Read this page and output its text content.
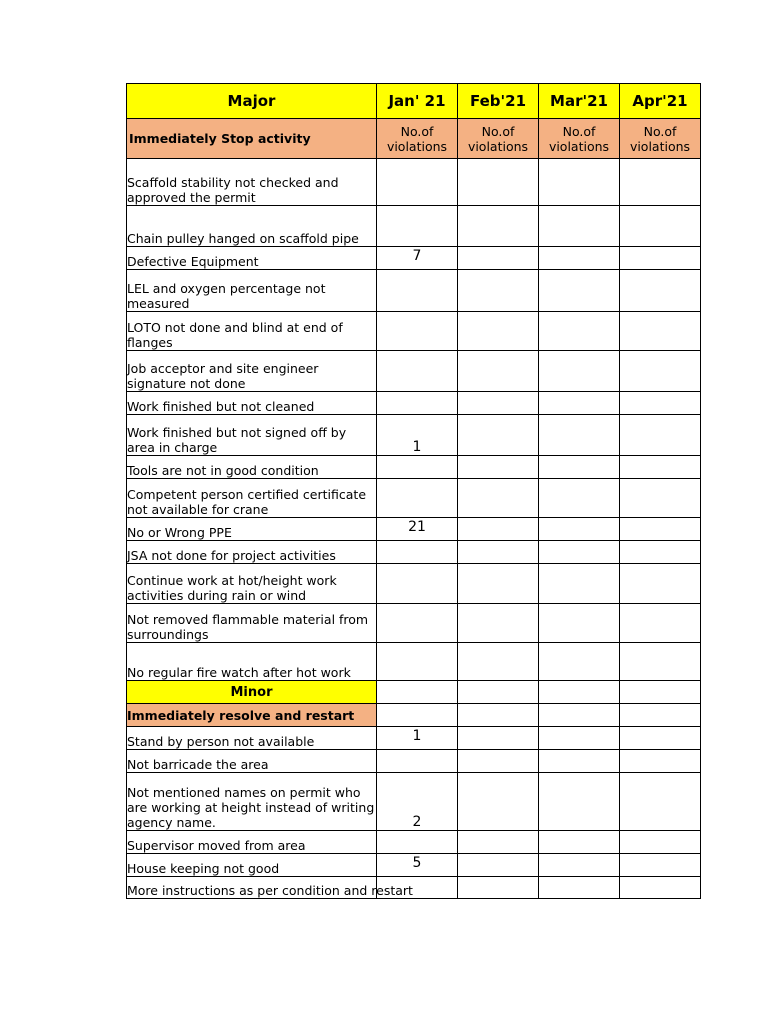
Major	Jan' 21	Feb'21	Mar'21	Apr'21
Immediately Stop activity	No.of violations	No.of violations	No.of violations	No.of violations
Scaffold stability not checked and approved the permit				
Chain pulley hanged on scaffold pipe				
Defective Equipment	7			
LEL and oxygen percentage not measured				
LOTO not done and blind at end of flanges				
Job acceptor and site engineer signature not done				
Work finished but not cleaned				
Work finished but not signed off by area in charge	1			
Tools are not in good condition				
Competent person certified certificate not available for crane				
No or Wrong PPE	21			
JSA not done for project activities				
Continue work at hot/height work activities during rain or wind				
Not removed flammable material from surroundings				
No regular fire watch after hot work				
Minor				
Immediately resolve and restart				
Stand by person not available	1			
Not barricade the area				
Not mentioned names on permit who are working at height instead of writing agency name.	2			
Supervisor moved from area				
House keeping not good	5			
More instructions as per condition and restart				
